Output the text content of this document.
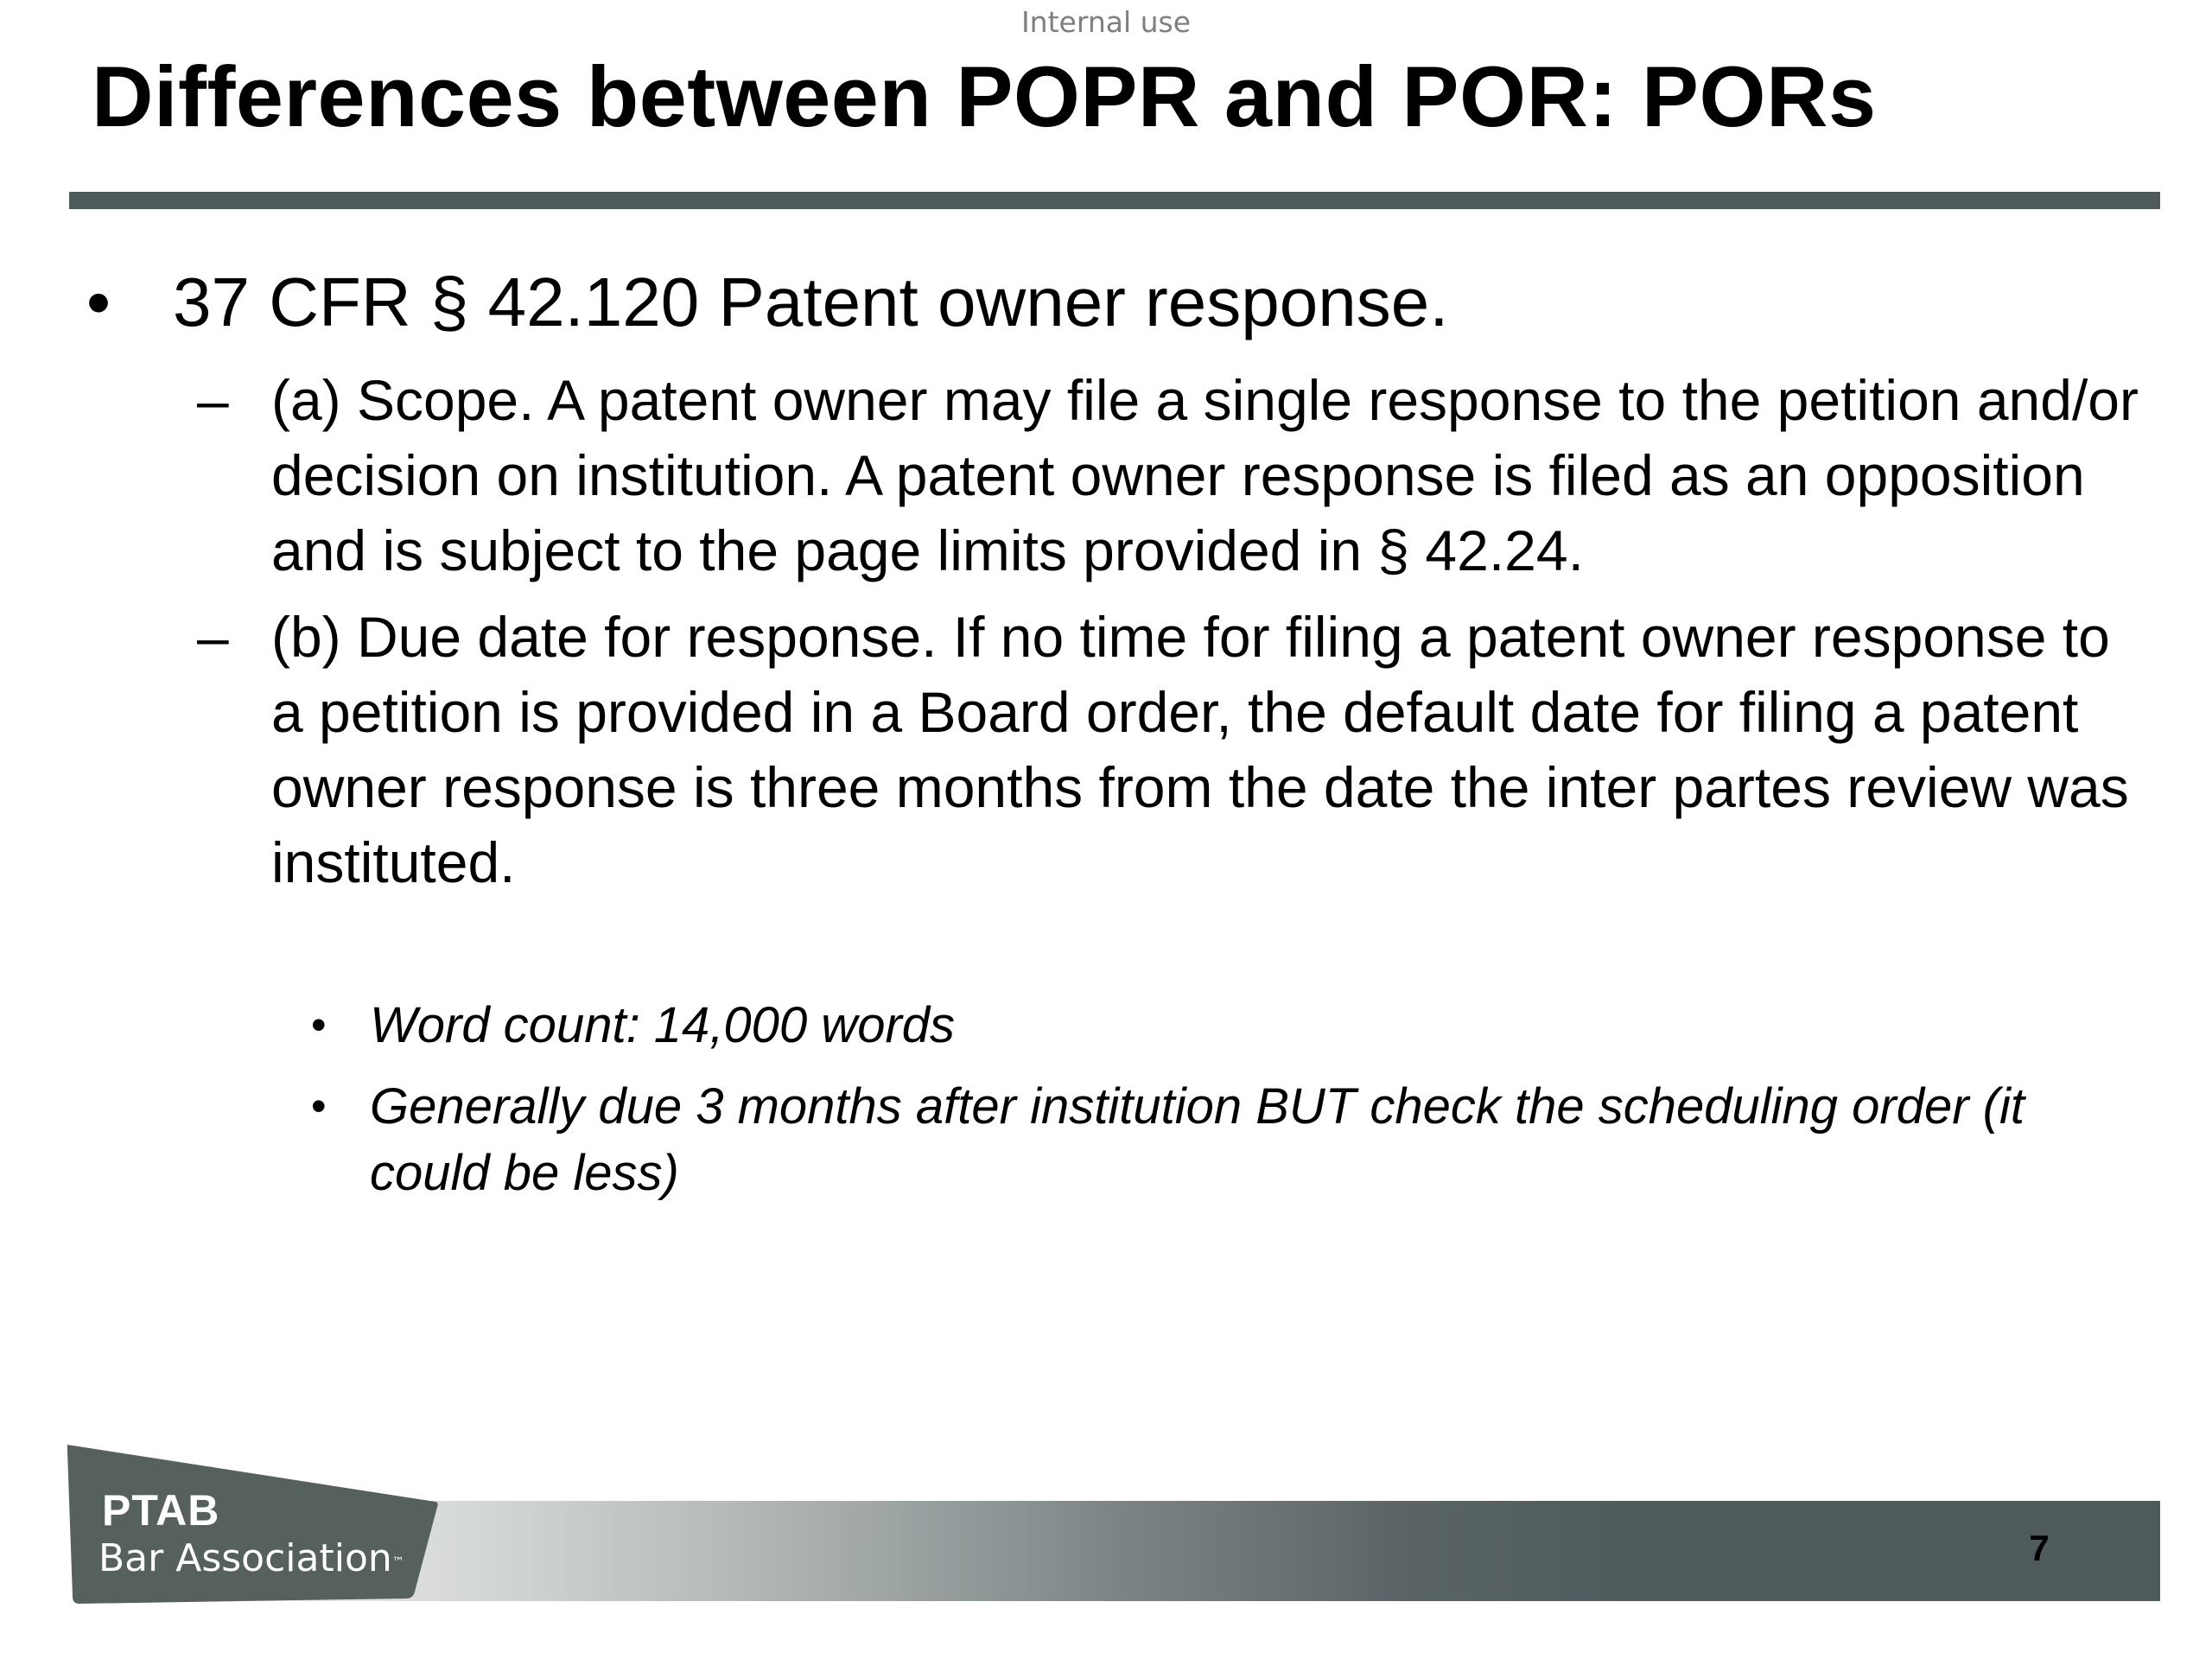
Internal use
Differences between POPR and POR: PORs
• 37 CFR § 42.120 Patent owner response.
– (a) Scope. A patent owner may file a single response to the petition and/or decision on institution. A patent owner response is filed as an opposition and is subject to the page limits provided in § 42.24.
– (b) Due date for response. If no time for filing a patent owner response to a petition is provided in a Board order, the default date for filing a patent owner response is three months from the date the inter partes review was instituted.
• Word count: 14,000 words
• Generally due 3 months after institution BUT check the scheduling order (it could be less)
PTAB
Bar Association™	7
